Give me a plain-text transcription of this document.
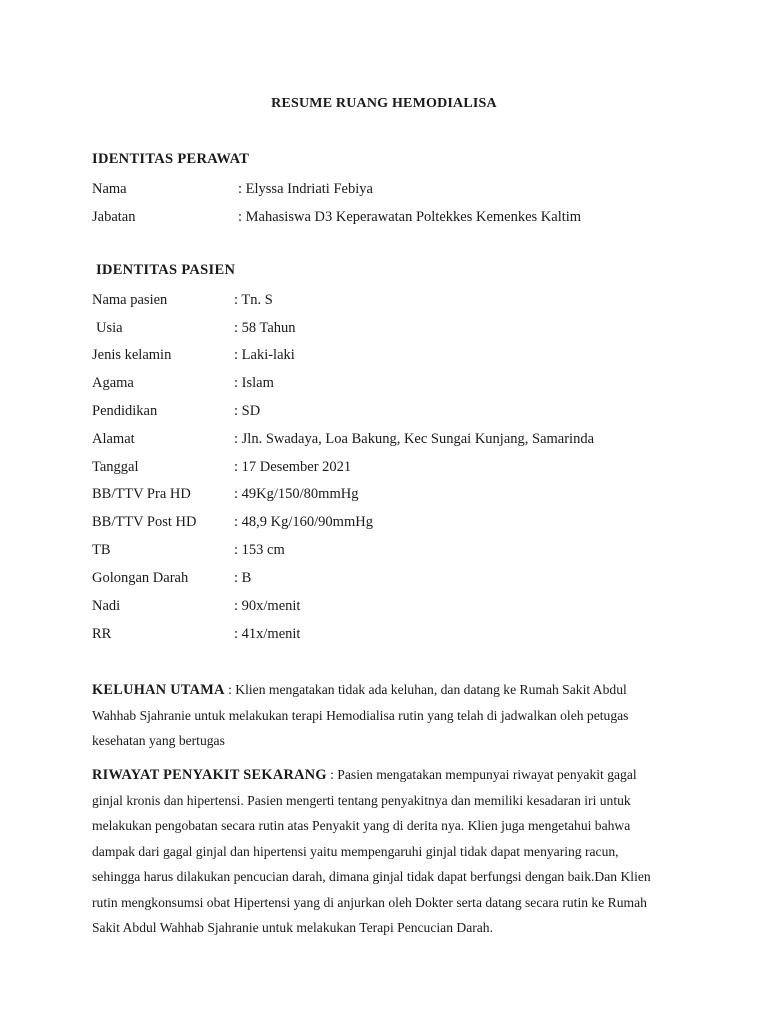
RESUME RUANG HEMODIALISA
IDENTITAS PERAWAT
Nama	: Elyssa Indriati Febiya
Jabatan	: Mahasiswa D3 Keperawatan Poltekkes Kemenkes Kaltim
IDENTITAS PASIEN
Nama pasien	: Tn. S
Usia	: 58 Tahun
Jenis kelamin	: Laki-laki
Agama	: Islam
Pendidikan	: SD
Alamat	: Jln. Swadaya, Loa Bakung, Kec Sungai Kunjang, Samarinda
Tanggal	: 17 Desember 2021
BB/TTV Pra HD	: 49Kg/150/80mmHg
BB/TTV Post HD	: 48,9 Kg/160/90mmHg
TB	: 153 cm
Golongan Darah	: B
Nadi	: 90x/menit
RR	: 41x/menit
KELUHAN UTAMA : Klien mengatakan tidak ada keluhan, dan datang ke Rumah Sakit Abdul
Wahhab Sjahranie untuk melakukan terapi Hemodialisa rutin yang telah di jadwalkan oleh petugas
kesehatan yang bertugas
RIWAYAT PENYAKIT SEKARANG : Pasien mengatakan mempunyai riwayat penyakit gagal
ginjal kronis dan hipertensi. Pasien mengerti tentang penyakitnya dan memiliki kesadaran iri untuk
melakukan pengobatan secara rutin atas Penyakit yang di derita nya. Klien juga mengetahui bahwa
dampak dari gagal ginjal dan hipertensi yaitu mempengaruhi ginjal tidak dapat menyaring racun,
sehingga harus dilakukan pencucian darah, dimana ginjal tidak dapat berfungsi dengan baik.Dan Klien
rutin mengkonsumsi obat Hipertensi yang di anjurkan oleh Dokter serta datang secara rutin ke Rumah
Sakit Abdul Wahhab Sjahranie untuk melakukan Terapi Pencucian Darah.
